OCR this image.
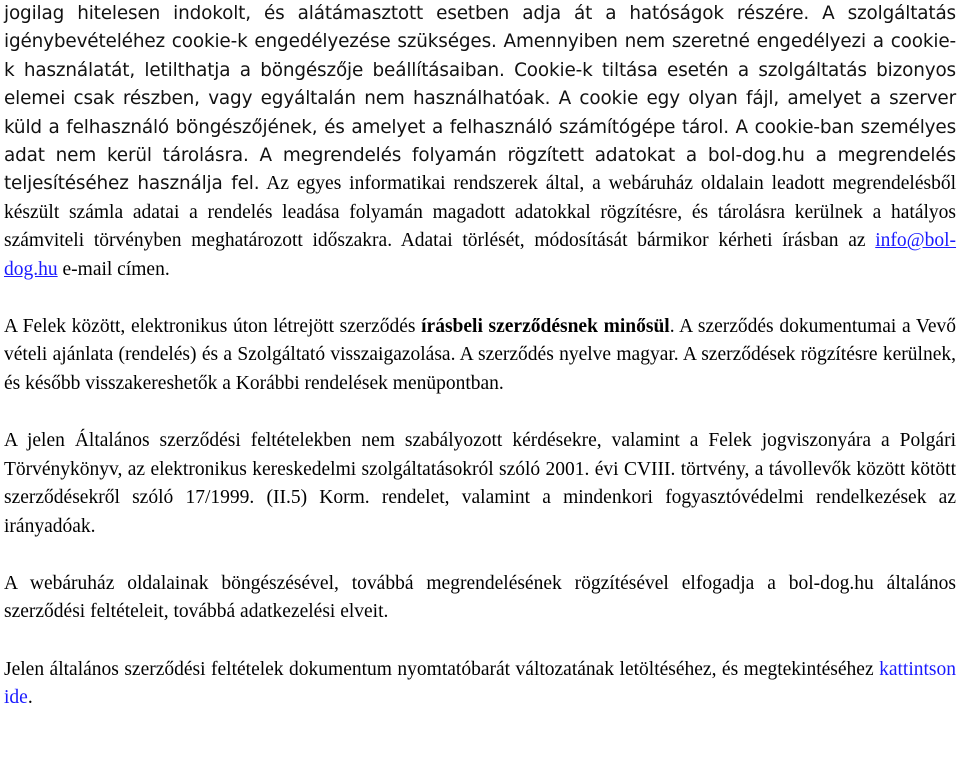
jogilag hitelesen indokolt, és alátámasztott esetben adja át a hatóságok részére. A szolgáltatás igénybevételéhez cookie-k engedélyezése szükséges. Amennyiben nem szeretné engedélyezi a cookie-k használatát, letilthatja a böngészője beállításaiban. Cookie-k tiltása esetén a szolgáltatás bizonyos elemei csak részben, vagy egyáltalán nem használhatóak. A cookie egy olyan fájl, amelyet a szerver küld a felhasználó böngészőjének, és amelyet a felhasználó számítógépe tárol. A cookie-ban személyes adat nem kerül tárolásra. A megrendelés folyamán rögzített adatokat a bol-dog.hu a megrendelés teljesítéséhez használja fel. Az egyes informatikai rendszerek által, a webáruház oldalain leadott megrendelésből készült számla adatai a rendelés leadása folyamán magadott adatokkal rögzítésre, és tárolásra kerülnek a hatályos számviteli törvényben meghatározott időszakra. Adatai törlését, módosítását bármikor kérheti írásban az info@bol-dog.hu e-mail címen.

A Felek között, elektronikus úton létrejött szerződés írásbeli szerződésnek minősül. A szerződés dokumentumai a Vevő vételi ajánlata (rendelés) és a Szolgáltató visszaigazolása. A szerződés nyelve magyar. A szerződések rögzítésre kerülnek, és később visszakereshetők a Korábbi rendelések menüpontban.

A jelen Általános szerződési feltételekben nem szabályozott kérdésekre, valamint a Felek jogviszonyára a Polgári Törvénykönyv, az elektronikus kereskedelmi szolgáltatásokról szóló 2001. évi CVIII. törtvény, a távollevők között kötött szerződésekről szóló 17/1999. (II.5) Korm. rendelet, valamint a mindenkori fogyasztóvédelmi rendelkezések az irányadóak.

A webáruház oldalainak böngészésével, továbbá megrendelésének rögzítésével elfogadja a bol-dog.hu általános szerződési feltételeit, továbbá adatkezelési elveit.

Jelen általános szerződési feltételek dokumentum nyomtatóbarát változatának letöltéséhez, és megtekintéséhez kattintson ide.
